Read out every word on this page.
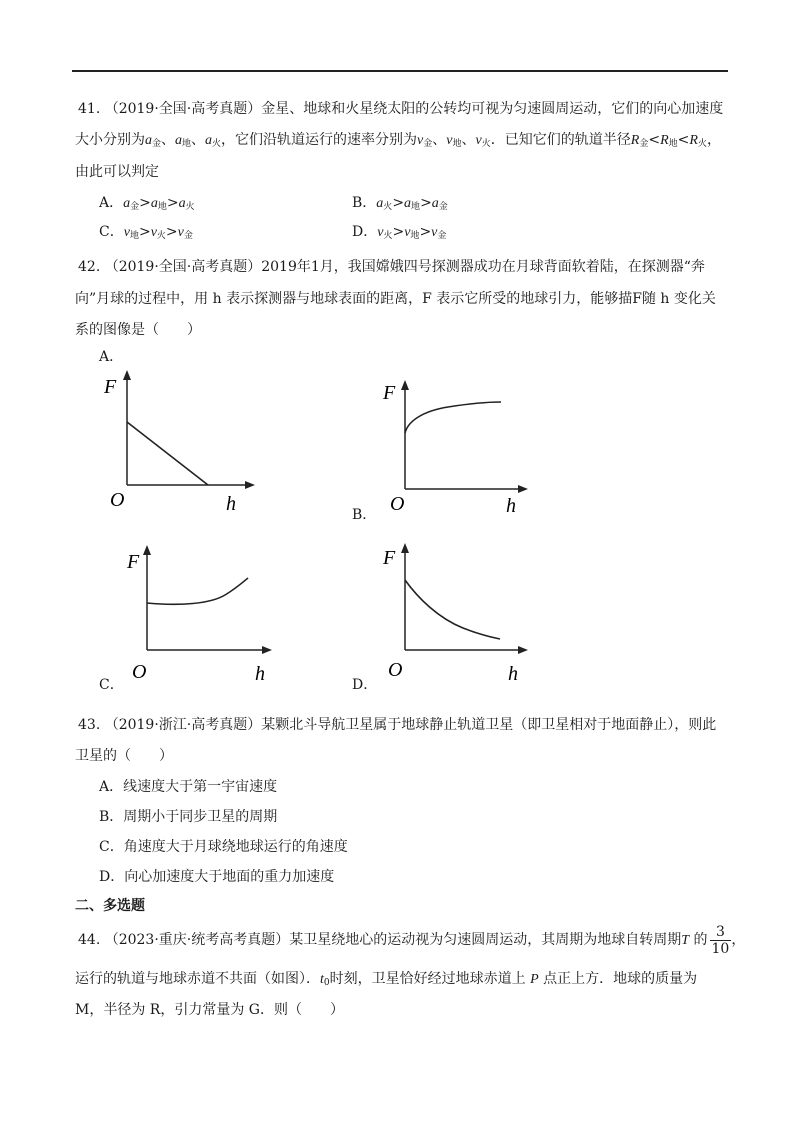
41. （2019·全国·高考真题）金星、地球和火星绕太阳的公转均可视为匀速圆周运动，它们的向心加速度
大小分别为$a_金$、$a_地$、$a_火$，它们沿轨道运行的速率分别为$v_金$、$v_地$、$v_火$．已知它们的轨道半径$R_金<R_地<R_火$，
由此可以判定
A．$a_金>a_地>a_火$	B．$a_火>a_地>a_金$
C．$v_地>v_火>v_金$	D．$v_火>v_地>v_金$
42. （2019·全国·高考真题）2019年1月，我国嫦娥四号探测器成功在月球背面软着陆，在探测器“奔
向”月球的过程中，用 h 表示探测器与地球表面的距离，F 表示它所受的地球引力，能够描F随 h 变化关
系的图像是（　　）
A．
F
O	h
F
O	h
B．
F
O	h
C．
F
O	h
D．
43. （2019·浙江·高考真题）某颗北斗导航卫星属于地球静止轨道卫星（即卫星相对于地面静止），则此
卫星的（　　）
A．线速度大于第一宇宙速度
B．周期小于同步卫星的周期
C．角速度大于月球绕地球运行的角速度
D．向心加速度大于地面的重力加速度
二、多选题
44. （2023·重庆·统考高考真题）某卫星绕地心的运动视为匀速圆周运动，其周期为地球自转周期T 的 $\frac{3}{10}$ ，
运行的轨道与地球赤道不共面（如图）．$t_0$时刻，卫星恰好经过地球赤道上 P 点正上方．地球的质量为
M，半径为 R，引力常量为 G．则（　　）
